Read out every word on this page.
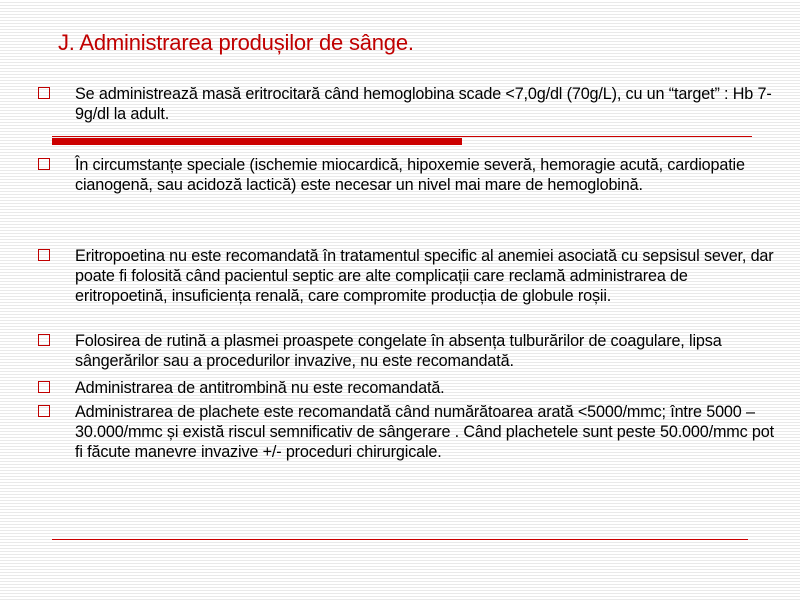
J. Administrarea produșilor de sânge.
Se administrează masă eritrocitară când hemoglobina scade <7,0g/dl (70g/L), cu un “target” : Hb 7-9g/dl la adult.
În circumstanțe speciale (ischemie miocardică, hipoxemie severă, hemoragie acută, cardiopatie cianogenă, sau acidoză lactică) este necesar un nivel mai mare de hemoglobină.
Eritropoetina nu este recomandată în tratamentul specific al anemiei asociată cu sepsisul sever, dar poate fi folosită când pacientul septic are alte complicații care reclamă administrarea de eritropoetină, insuficiența renală, care compromite producția de globule roșii.
Folosirea de rutină a plasmei proaspete congelate în absența tulburărilor de coagulare, lipsa sângerărilor sau a procedurilor invazive, nu este recomandată.
Administrarea de antitrombină nu este recomandată.
Administrarea de plachete este recomandată când numărătoarea arată <5000/mmc; între 5000 – 30.000/mmc și există riscul semnificativ de sângerare . Când plachetele sunt peste 50.000/mmc pot fi făcute manevre invazive +/- proceduri chirurgicale.
